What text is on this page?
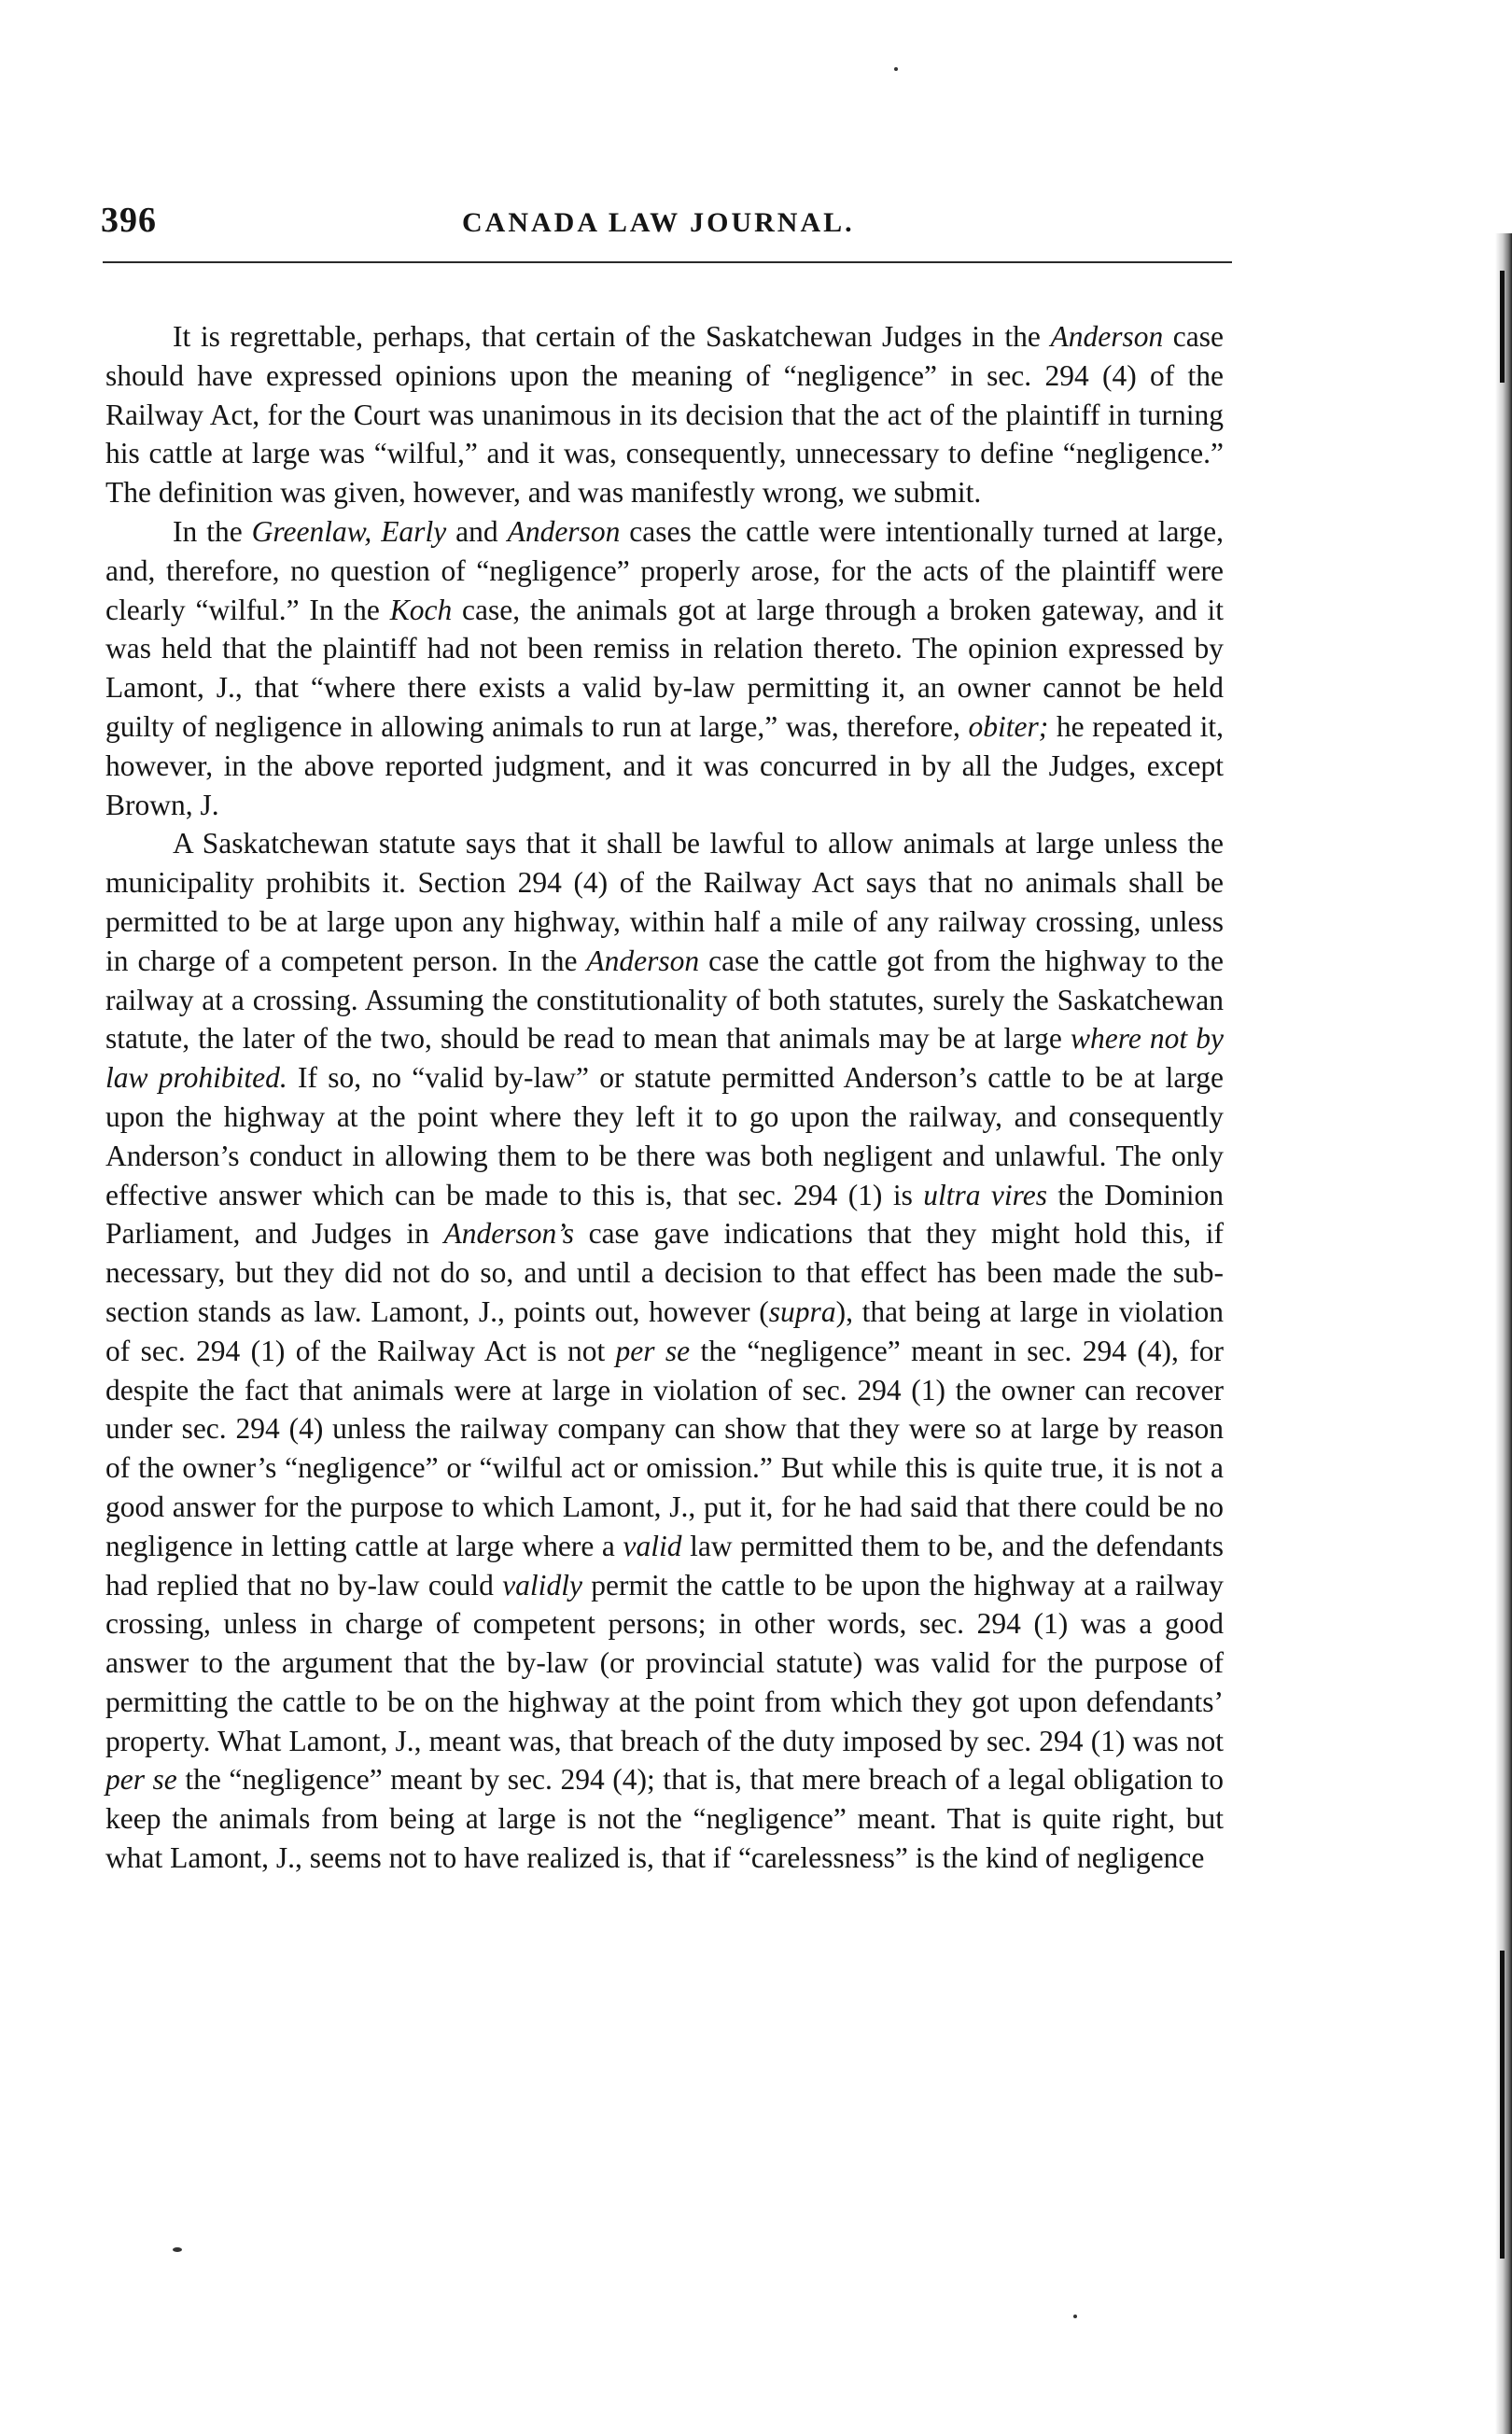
396	CANADA LAW JOURNAL.

It is regrettable, perhaps, that certain of the Saskatchewan Judges in the Anderson case should have expressed opinions upon the meaning of “negligence” in sec. 294 (4) of the Railway Act, for the Court was unanimous in its decision that the act of the plaintiff in turning his cattle at large was “wilful,” and it was, consequently, unnecessary to define “negligence.” The definition was given, however, and was manifestly wrong, we submit.

In the Greenlaw, Early and Anderson cases the cattle were intentionally turned at large, and, therefore, no question of “negligence” properly arose, for the acts of the plaintiff were clearly “wilful.” In the Koch case, the animals got at large through a broken gateway, and it was held that the plaintiff had not been remiss in relation thereto. The opinion expressed by Lamont, J., that “where there exists a valid by-law permitting it, an owner cannot be held guilty of negligence in allowing animals to run at large,” was, therefore, obiter; he repeated it, however, in the above reported judgment, and it was concurred in by all the Judges, except Brown, J.

A Saskatchewan statute says that it shall be lawful to allow animals at large unless the municipality prohibits it. Section 294 (4) of the Railway Act says that no animals shall be permitted to be at large upon any highway, within half a mile of any railway crossing, unless in charge of a competent person. In the Anderson case the cattle got from the highway to the railway at a crossing. Assuming the constitutionality of both statutes, surely the Saskatchewan statute, the later of the two, should be read to mean that animals may be at large where not by law prohibited. If so, no “valid by-law” or statute permitted Anderson’s cattle to be at large upon the highway at the point where they left it to go upon the railway, and consequently Anderson’s conduct in allowing them to be there was both negligent and unlawful. The only effective answer which can be made to this is, that sec. 294 (1) is ultra vires the Dominion Parliament, and Judges in Anderson’s case gave indications that they might hold this, if necessary, but they did not do so, and until a decision to that effect has been made the sub-section stands as law. Lamont, J., points out, however (supra), that being at large in violation of sec. 294 (1) of the Railway Act is not per se the “negligence” meant in sec. 294 (4), for despite the fact that animals were at large in violation of sec. 294 (1) the owner can recover under sec. 294 (4) unless the railway company can show that they were so at large by reason of the owner’s “negligence” or “wilful act or omission.” But while this is quite true, it is not a good answer for the purpose to which Lamont, J., put it, for he had said that there could be no negligence in letting cattle at large where a valid law permitted them to be, and the defendants had replied that no by-law could validly permit the cattle to be upon the highway at a railway crossing, unless in charge of competent persons; in other words, sec. 294 (1) was a good answer to the argument that the by-law (or provincial statute) was valid for the purpose of permitting the cattle to be on the highway at the point from which they got upon defendants’ property. What Lamont, J., meant was, that breach of the duty imposed by sec. 294 (1) was not per se the “negligence” meant by sec. 294 (4); that is, that mere breach of a legal obligation to keep the animals from being at large is not the “negligence” meant. That is quite right, but what Lamont, J., seems not to have realized is, that if “carelessness” is the kind of negligence
